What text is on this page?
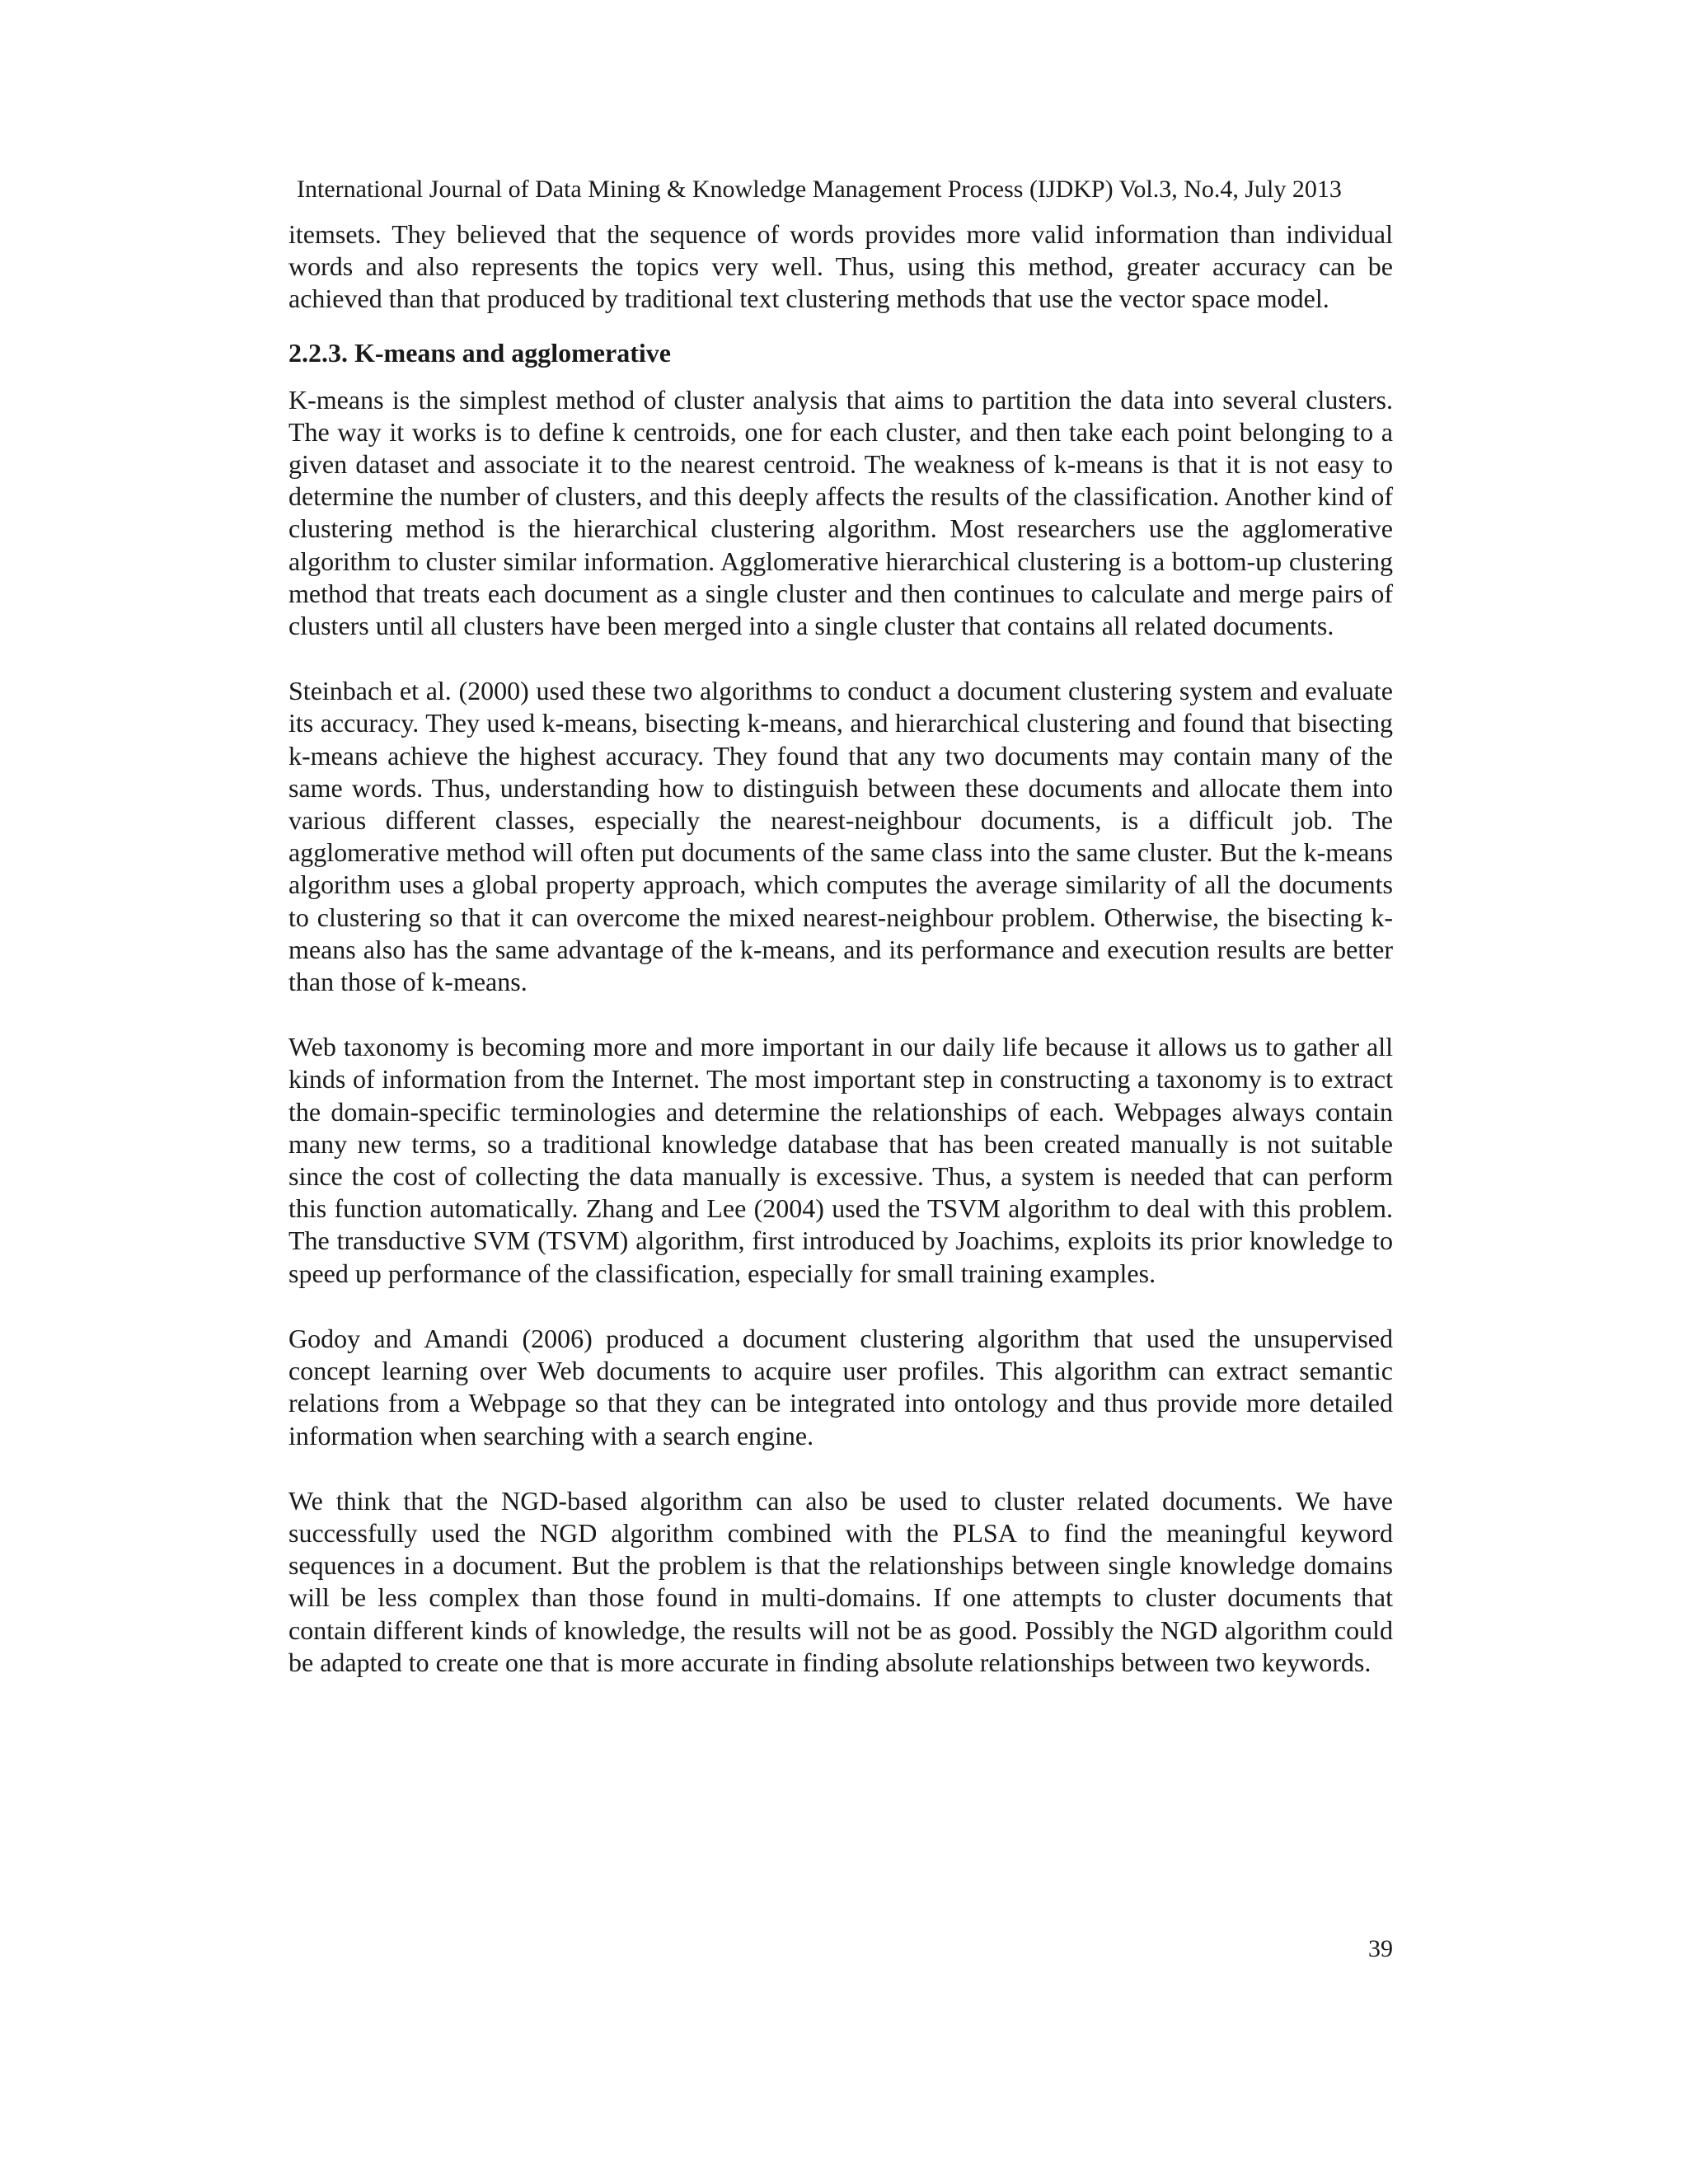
International Journal of Data Mining & Knowledge Management Process (IJDKP) Vol.3, No.4, July 2013

itemsets. They believed that the sequence of words provides more valid information than individual words and also represents the topics very well. Thus, using this method, greater accuracy can be achieved than that produced by traditional text clustering methods that use the vector space model.

2.2.3. K-means and agglomerative

K-means is the simplest method of cluster analysis that aims to partition the data into several clusters. The way it works is to define k centroids, one for each cluster, and then take each point belonging to a given dataset and associate it to the nearest centroid. The weakness of k-means is that it is not easy to determine the number of clusters, and this deeply affects the results of the classification. Another kind of clustering method is the hierarchical clustering algorithm. Most researchers use the agglomerative algorithm to cluster similar information. Agglomerative hierarchical clustering is a bottom-up clustering method that treats each document as a single cluster and then continues to calculate and merge pairs of clusters until all clusters have been merged into a single cluster that contains all related documents.

Steinbach et al. (2000) used these two algorithms to conduct a document clustering system and evaluate its accuracy. They used k-means, bisecting k-means, and hierarchical clustering and found that bisecting k-means achieve the highest accuracy. They found that any two documents may contain many of the same words. Thus, understanding how to distinguish between these documents and allocate them into various different classes, especially the nearest-neighbour documents, is a difficult job. The agglomerative method will often put documents of the same class into the same cluster. But the k-means algorithm uses a global property approach, which computes the average similarity of all the documents to clustering so that it can overcome the mixed nearest-neighbour problem. Otherwise, the bisecting k-means also has the same advantage of the k-means, and its performance and execution results are better than those of k-means.

Web taxonomy is becoming more and more important in our daily life because it allows us to gather all kinds of information from the Internet. The most important step in constructing a taxonomy is to extract the domain-specific terminologies and determine the relationships of each. Webpages always contain many new terms, so a traditional knowledge database that has been created manually is not suitable since the cost of collecting the data manually is excessive. Thus, a system is needed that can perform this function automatically. Zhang and Lee (2004) used the TSVM algorithm to deal with this problem. The transductive SVM (TSVM) algorithm, first introduced by Joachims, exploits its prior knowledge to speed up performance of the classification, especially for small training examples.

Godoy and Amandi (2006) produced a document clustering algorithm that used the unsupervised concept learning over Web documents to acquire user profiles. This algorithm can extract semantic relations from a Webpage so that they can be integrated into ontology and thus provide more detailed information when searching with a search engine.

We think that the NGD-based algorithm can also be used to cluster related documents. We have successfully used the NGD algorithm combined with the PLSA to find the meaningful keyword sequences in a document. But the problem is that the relationships between single knowledge domains will be less complex than those found in multi-domains. If one attempts to cluster documents that contain different kinds of knowledge, the results will not be as good. Possibly the NGD algorithm could be adapted to create one that is more accurate in finding absolute relationships between two keywords.

39
